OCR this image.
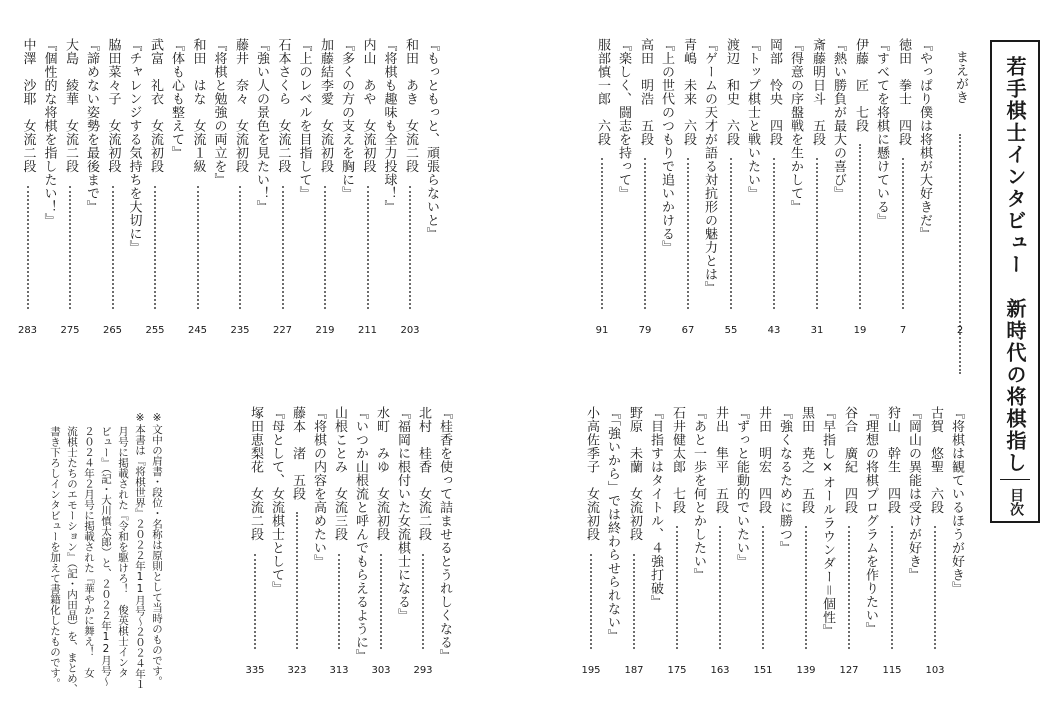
若手棋士インタビュー　新時代の将棋指し
目次
まえがき
2
『やっぱり僕は将棋が大好きだ』
徳田　拳士　四段
7
『すべてを将棋に懸けている』
伊藤　匠　七段
19
『熱い勝負が最大の喜び』
斎藤明日斗　五段
31
『得意の序盤戦を生かして』
岡部　怜央　四段
43
『トップ棋士と戦いたい』
渡辺　和史　六段
55
『ゲームの天才が語る対抗形の魅力とは』
青嶋　未来　六段
67
『上の世代のつもりで追いかける』
高田　明浩　五段
79
『楽しく、闘志を持って』
服部慎一郎　六段
91
『将棋は観ているほうが好き』
古賀　悠聖　六段
103
『岡山の異能は受けが好き』
狩山　幹生　四段
115
『理想の将棋プログラムを作りたい』
谷合　廣紀　四段
127
『早指し×オールラウンダー＝個性』
黒田　尭之　五段
139
『強くなるために勝つ』
井田　明宏　四段
151
『ずっと能動的でいたい』
井出　隼平　五段
163
『あと一歩を何とかしたい』
石井健太郎　七段
175
『目指すはタイトル、４強打破』
野原　未蘭　女流初段
187
『「強いから」では終わらせられない』
小高佐季子　女流初段
195
『もっともっと、頑張らないと』
和田　あき　女流二段
203
『将棋も趣味も全力投球！』
内山　あや　女流初段
211
『多くの方の支えを胸に』
加藤結李愛　女流初段
219
『上のレベルを目指して』
石本さくら　女流二段
227
『強い人の景色を見たい！』
藤井　奈々　女流初段
235
『将棋と勉強の両立を』
和田　はな　女流１級
245
『体も心も整えて』
武富　礼衣　女流初段
255
『チャレンジする気持ちを大切に』
脇田菜々子　女流初段
265
『諦めない姿勢を最後まで』
大島　綾華　女流二段
275
『個性的な将棋を指したい！』
中澤　沙耶　女流二段
283
『桂香を使って詰ませるとうれしくなる』
北村　桂香　女流二段
293
『福岡に根付いた女流棋士になる』
水町　みゆ　女流初段
303
『いつか山根流と呼んでもらえるように』
山根ことみ　女流三段
313
『将棋の内容を高めたい』
藤本　渚　五段
323
『母として、女流棋士として』
塚田恵梨花　女流二段
335
※文中の肩書・段位・名称は原則として当時のものです。
※本書は『将棋世界』２０２２年11月号〜２０２４年１
月号に掲載された『令和を駆けろ！　俊英棋士インタ
ビュー』（記・大川慎太郎）と、２０２２年12月号〜
２０２４年２月号に掲載された『華やかに舞え！　女
流棋士たちのエモーション』（記・内田晶）を、まとめ、
書き下ろしインタビューを加えて書籍化したものです。
